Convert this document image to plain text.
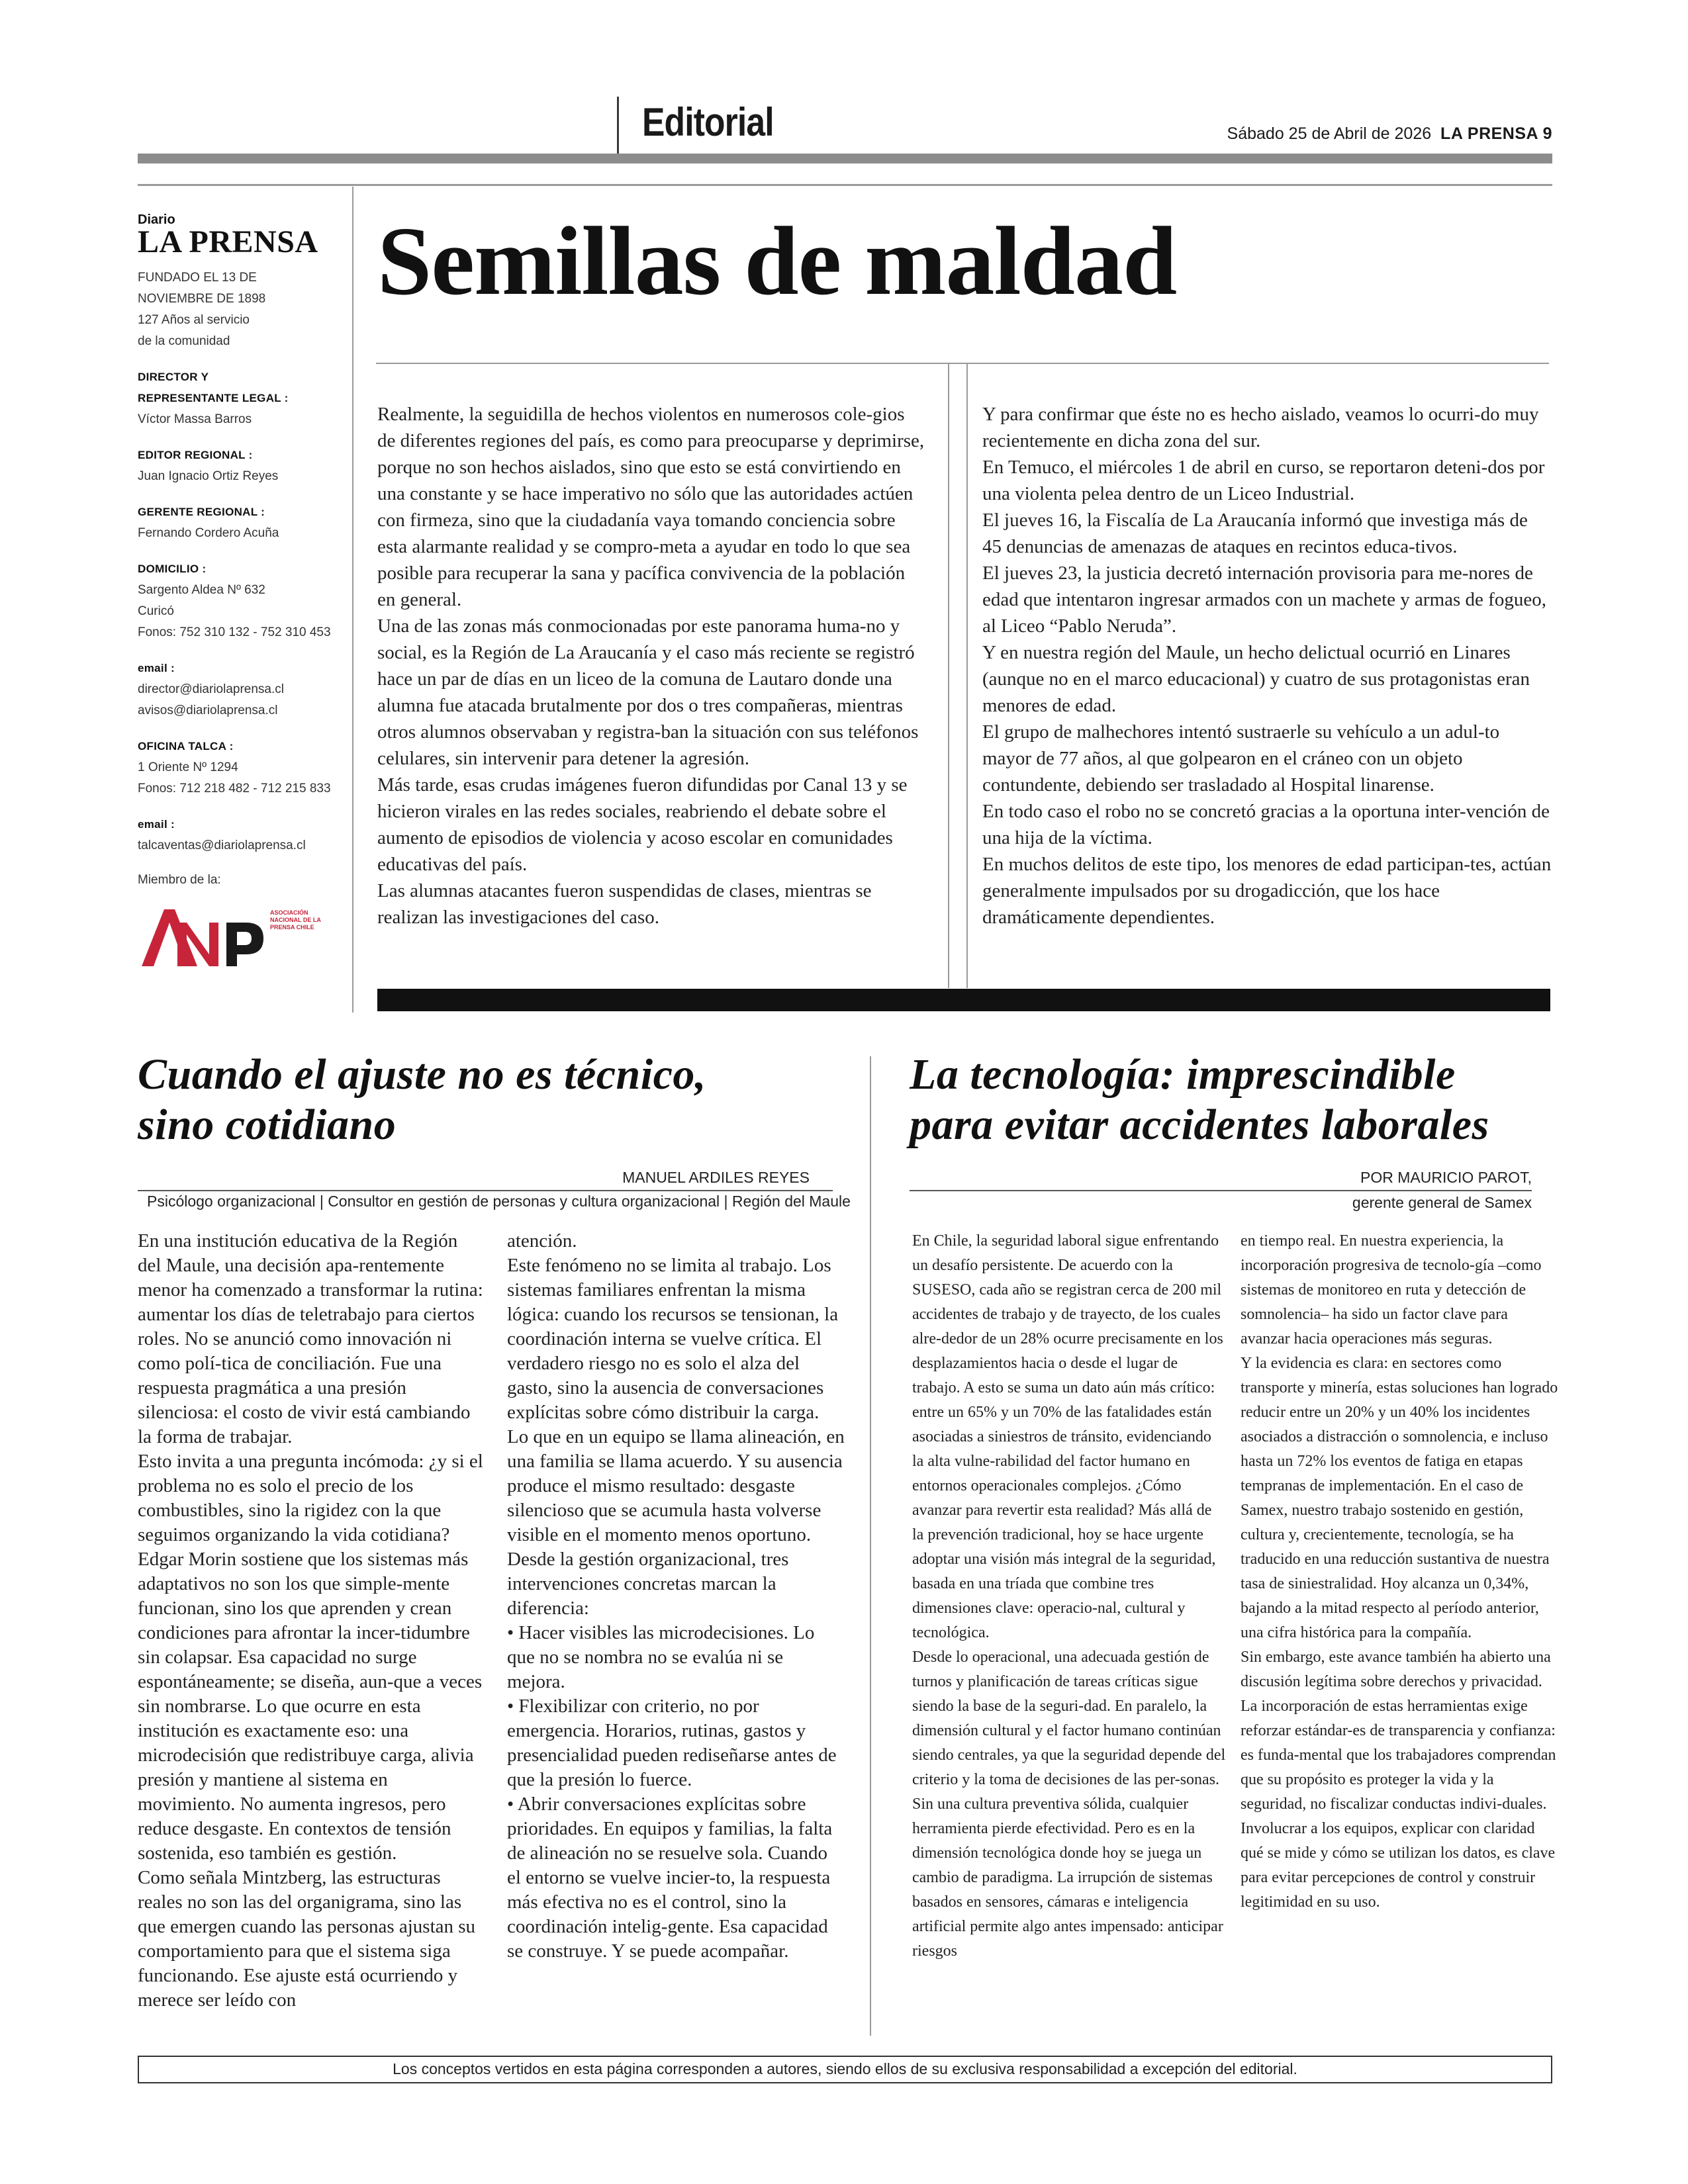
Editorial	Sábado 25 de Abril de 2026 LA PRENSA 9
Diario
LA PRENSA
FUNDADO EL 13 DE
NOVIEMBRE DE 1898
127 Años al servicio
de la comunidad
DIRECTOR Y
REPRESENTANTE LEGAL :
Víctor Massa Barros
EDITOR REGIONAL :
Juan Ignacio Ortiz Reyes
GERENTE REGIONAL :
Fernando Cordero Acuña
DOMICILIO :
Sargento Aldea Nº 632
Curicó
Fonos: 752 310 132 - 752 310 453
email :
director@diariolaprensa.cl
avisos@diariolaprensa.cl
OFICINA TALCA :
1 Oriente Nº 1294
Fonos: 712 218 482 - 712 215 833
email :
talcaventas@diariolaprensa.cl
Miembro de la:
ASOCIACIÓN NACIONAL DE LA PRENSA CHILE
Semillas de maldad

Realmente, la seguidilla de hechos violentos en numerosos cole-gios de diferentes regiones del país, es como para preocuparse y deprimirse, porque no son hechos aislados, sino que esto se está convirtiendo en una constante y se hace imperativo no sólo que las autoridades actúen con firmeza, sino que la ciudadanía vaya tomando conciencia sobre esta alarmante realidad y se compro-meta a ayudar en todo lo que sea posible para recuperar la sana y pacífica convivencia de la población en general.

Una de las zonas más conmocionadas por este panorama huma-no y social, es la Región de La Araucanía y el caso más reciente se registró hace un par de días en un liceo de la comuna de Lautaro donde una alumna fue atacada brutalmente por dos o tres compañeras, mientras otros alumnos observaban y registra-ban la situación con sus teléfonos celulares, sin intervenir para detener la agresión.

Más tarde, esas crudas imágenes fueron difundidas por Canal 13 y se hicieron virales en las redes sociales, reabriendo el debate sobre el aumento de episodios de violencia y acoso escolar en comunidades educativas del país.

Las alumnas atacantes fueron suspendidas de clases, mientras se realizan las investigaciones del caso.

Y para confirmar que éste no es hecho aislado, veamos lo ocurri-do muy recientemente en dicha zona del sur.

En Temuco, el miércoles 1 de abril en curso, se reportaron deteni-dos por una violenta pelea dentro de un Liceo Industrial.

El jueves 16, la Fiscalía de La Araucanía informó que investiga más de 45 denuncias de amenazas de ataques en recintos educa-tivos.

El jueves 23, la justicia decretó internación provisoria para me-nores de edad que intentaron ingresar armados con un machete y armas de fogueo, al Liceo “Pablo Neruda”.

Y en nuestra región del Maule, un hecho delictual ocurrió en Linares (aunque no en el marco educacional) y cuatro de sus protagonistas eran menores de edad.

El grupo de malhechores intentó sustraerle su vehículo a un adul-to mayor de 77 años, al que golpearon en el cráneo con un objeto contundente, debiendo ser trasladado al Hospital linarense.

En todo caso el robo no se concretó gracias a la oportuna inter-vención de una hija de la víctima.

En muchos delitos de este tipo, los menores de edad participan-tes, actúan generalmente impulsados por su drogadicción, que los hace dramáticamente dependientes.

Cuando el ajuste no es técnico,
sino cotidiano
MANUEL ARDILES REYES
Psicólogo organizacional | Consultor en gestión de personas y cultura organizacional | Región del Maule

En una institución educativa de la Región del Maule, una decisión apa-rentemente menor ha comenzado a transformar la rutina: aumentar los días de teletrabajo para ciertos roles. No se anunció como innovación ni como polí-tica de conciliación. Fue una respuesta pragmática a una presión silenciosa: el costo de vivir está cambiando la forma de trabajar.

Esto invita a una pregunta incómoda: ¿y si el problema no es solo el precio de los combustibles, sino la rigidez con la que seguimos organizando la vida cotidiana? Edgar Morin sostiene que los sistemas más adaptativos no son los que simple-mente funcionan, sino los que aprenden y crean condiciones para afrontar la incer-tidumbre sin colapsar. Esa capacidad no surge espontáneamente; se diseña, aun-que a veces sin nombrarse. Lo que ocurre en esta institución es exactamente eso: una microdecisión que redistribuye carga, alivia presión y mantiene al sistema en movimiento. No aumenta ingresos, pero reduce desgaste. En contextos de tensión sostenida, eso también es gestión.

Como señala Mintzberg, las estructuras reales no son las del organigrama, sino las que emergen cuando las personas ajustan su comportamiento para que el sistema siga funcionando. Ese ajuste está ocurriendo y merece ser leído con

atención.

Este fenómeno no se limita al trabajo. Los sistemas familiares enfrentan la misma lógica: cuando los recursos se tensionan, la coordinación interna se vuelve crítica. El verdadero riesgo no es solo el alza del gasto, sino la ausencia de conversaciones explícitas sobre cómo distribuir la carga. Lo que en un equipo se llama alineación, en una familia se llama acuerdo. Y su ausencia produce el mismo resultado: desgaste silencioso que se acumula hasta volverse visible en el momento menos oportuno.

Desde la gestión organizacional, tres intervenciones concretas marcan la diferencia:

• Hacer visibles las microdecisiones. Lo que no se nombra no se evalúa ni se mejora.

• Flexibilizar con criterio, no por emergencia. Horarios, rutinas, gastos y presencialidad pueden rediseñarse antes de que la presión lo fuerce.

• Abrir conversaciones explícitas sobre prioridades. En equipos y familias, la falta de alineación no se resuelve sola. Cuando el entorno se vuelve incier-to, la respuesta más efectiva no es el control, sino la coordinación intelig-gente. Esa capacidad se construye. Y se puede acompañar.

La tecnología: imprescindible
para evitar accidentes laborales
POR MAURICIO PAROT,
gerente general de Samex

En Chile, la seguridad laboral sigue enfrentando un desafío persistente. De acuerdo con la SUSESO, cada año se registran cerca de 200 mil accidentes de trabajo y de trayecto, de los cuales alre-dedor de un 28% ocurre precisamente en los desplazamientos hacia o desde el lugar de trabajo. A esto se suma un dato aún más crítico: entre un 65% y un 70% de las fatalidades están asociadas a siniestros de tránsito, evidenciando la alta vulne-rabilidad del factor humano en entornos operacionales complejos. ¿Cómo avanzar para revertir esta realidad? Más allá de la prevención tradicional, hoy se hace urgente adoptar una visión más integral de la seguridad, basada en una tríada que combine tres dimensiones clave: operacio-nal, cultural y tecnológica.

Desde lo operacional, una adecuada gestión de turnos y planificación de tareas críticas sigue siendo la base de la seguri-dad. En paralelo, la dimensión cultural y el factor humano continúan siendo centrales, ya que la seguridad depende del criterio y la toma de decisiones de las per-sonas. Sin una cultura preventiva sólida, cualquier herramienta pierde efectividad. Pero es en la dimensión tecnológica donde hoy se juega un cambio de paradigma. La irrupción de sistemas basados en sensores, cámaras e inteligencia artificial permite algo antes impensado: anticipar riesgos

en tiempo real. En nuestra experiencia, la incorporación progresiva de tecnolo-gía –como sistemas de monitoreo en ruta y detección de somnolencia– ha sido un factor clave para avanzar hacia operaciones más seguras.

Y la evidencia es clara: en sectores como transporte y minería, estas soluciones han logrado reducir entre un 20% y un 40% los incidentes asociados a distracción o somnolencia, e incluso hasta un 72% los eventos de fatiga en etapas tempranas de implementación. En el caso de Samex, nuestro trabajo sostenido en gestión, cultura y, crecientemente, tecnología, se ha traducido en una reducción sustantiva de nuestra tasa de siniestralidad. Hoy alcanza un 0,34%, bajando a la mitad respecto al período anterior, una cifra histórica para la compañía.

Sin embargo, este avance también ha abierto una discusión legítima sobre derechos y privacidad. La incorporación de estas herramientas exige reforzar estándar-es de transparencia y confianza: es funda-mental que los trabajadores comprendan que su propósito es proteger la vida y la seguridad, no fiscalizar conductas indivi-duales. Involucrar a los equipos, explicar con claridad qué se mide y cómo se utilizan los datos, es clave para evitar percepciones de control y construir legitimidad en su uso.

Los conceptos vertidos en esta página corresponden a autores, siendo ellos de su exclusiva responsabilidad a excepción del editorial.
